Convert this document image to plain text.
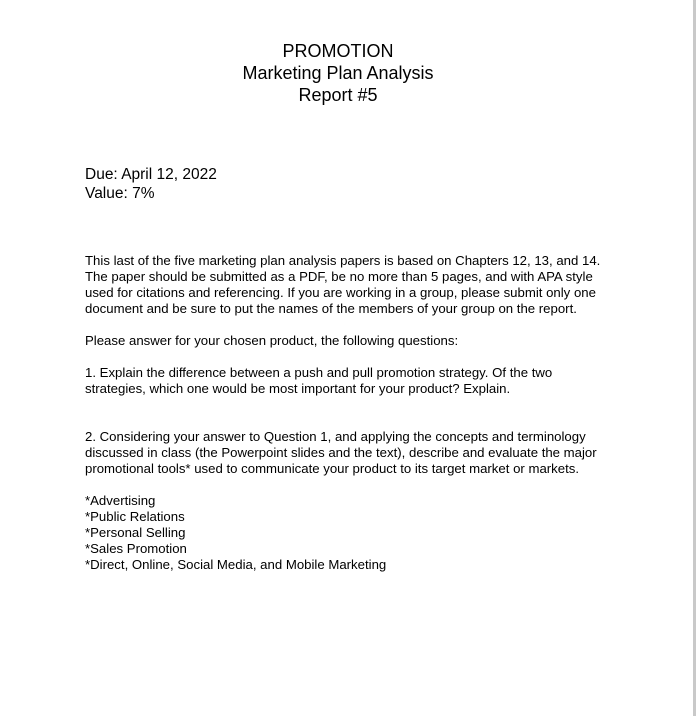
PROMOTION
Marketing Plan Analysis
Report #5
Due: April 12, 2022
Value: 7%

This last of the five marketing plan analysis papers is based on Chapters 12, 13, and 14. The paper should be submitted as a PDF, be no more than 5 pages, and with APA style used for citations and referencing. If you are working in a group, please submit only one document and be sure to put the names of the members of your group on the report.

Please answer for your chosen product, the following questions:

1. Explain the difference between a push and pull promotion strategy. Of the two strategies, which one would be most important for your product? Explain.

2. Considering your answer to Question 1, and applying the concepts and terminology discussed in class (the Powerpoint slides and the text), describe and evaluate the major promotional tools* used to communicate your product to its target market or markets.

*Advertising
*Public Relations
*Personal Selling
*Sales Promotion
*Direct, Online, Social Media, and Mobile Marketing
